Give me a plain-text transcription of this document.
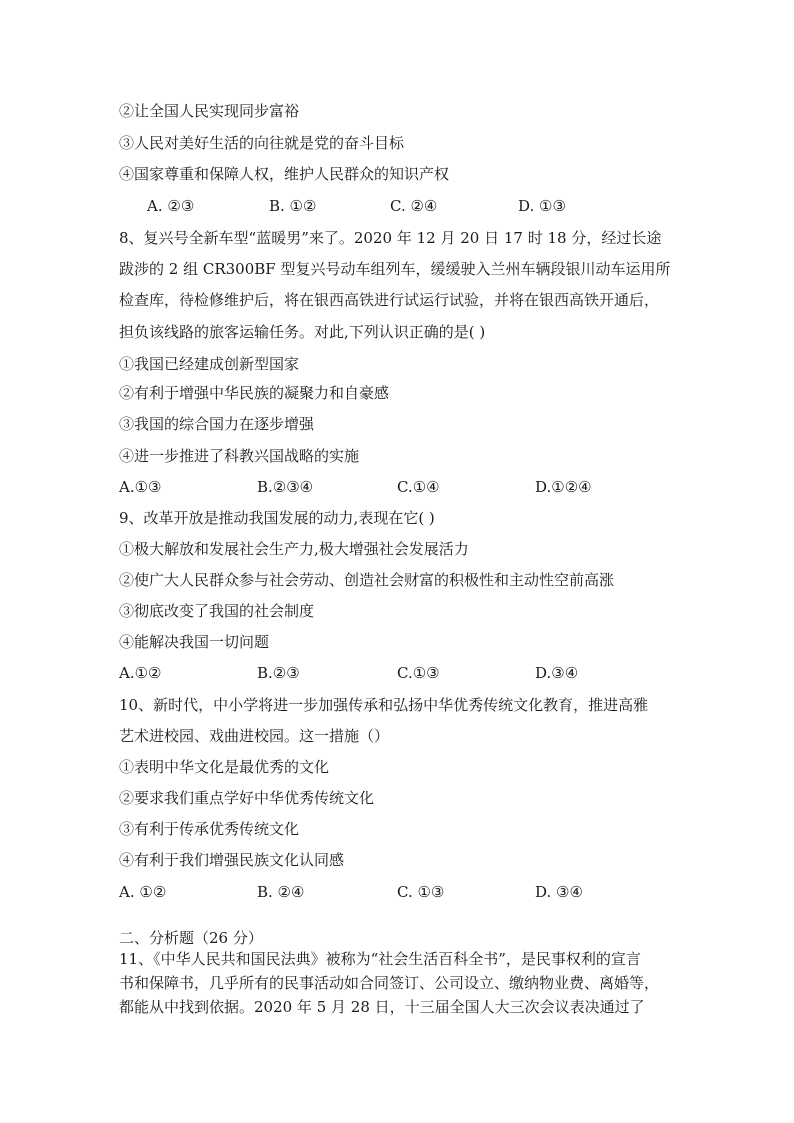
②让全国人民实现同步富裕
③人民对美好生活的向往就是党的奋斗目标
④国家尊重和保障人权，维护人民群众的知识产权
A. ②③	B. ①②	C. ②④	D. ①③
8、复兴号全新车型“蓝暖男”来了。2020 年 12 月 20 日 17 时 18 分，经过长途
跋涉的 2 组 CR300BF 型复兴号动车组列车，缓缓驶入兰州车辆段银川动车运用所
检查库，待检修维护后，将在银西高铁进行试运行试验，并将在银西高铁开通后，
担负该线路的旅客运输任务。对此,下列认识正确的是( )
①我国已经建成创新型国家
②有利于增强中华民族的凝聚力和自豪感
③我国的综合国力在逐步增强
④进一步推进了科教兴国战略的实施
A.①③	B.②③④	C.①④	D.①②④
9、改革开放是推动我国发展的动力,表现在它( )
①极大解放和发展社会生产力,极大增强社会发展活力
②使广大人民群众参与社会劳动、创造社会财富的积极性和主动性空前高涨
③彻底改变了我国的社会制度
④能解决我国一切问题
A.①②	B.②③	C.①③	D.③④
10、新时代，中小学将进一步加强传承和弘扬中华优秀传统文化教育，推进高雅
艺术进校园、戏曲进校园。这一措施（）
①表明中华文化是最优秀的文化
②要求我们重点学好中华优秀传统文化
③有利于传承优秀传统文化
④有利于我们增强民族文化认同感
A. ①②	B. ②④	C. ①③	D. ③④
二、分析题（26 分）
11、《中华人民共和国民法典》被称为“社会生活百科全书”，是民事权利的宣言
书和保障书，几乎所有的民事活动如合同签订、公司设立、缴纳物业费、离婚等，
都能从中找到依据。2020 年 5 月 28 日，十三届全国人大三次会议表决通过了
